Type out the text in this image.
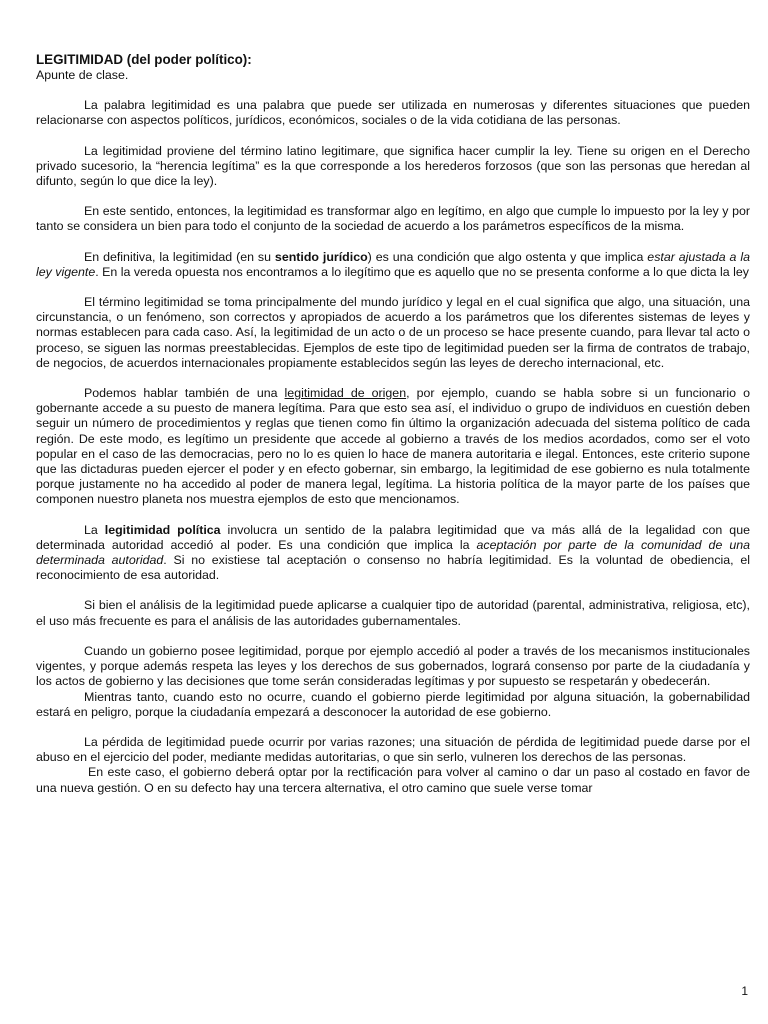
LEGITIMIDAD (del poder político):

Apunte de clase.

La palabra legitimidad es una palabra que puede ser utilizada en numerosas y diferentes situaciones que pueden relacionarse con aspectos políticos, jurídicos, económicos, sociales o de la vida cotidiana de las personas.

La legitimidad proviene del término latino legitimare, que significa hacer cumplir la ley. Tiene su origen en el Derecho privado sucesorio, la “herencia legítima” es la que corresponde a los herederos forzosos (que son las personas que heredan al difunto, según lo que dice la ley).

En este sentido, entonces, la legitimidad es transformar algo en legítimo, en algo que cumple lo impuesto por la ley y por tanto se considera un bien para todo el conjunto de la sociedad de acuerdo a los parámetros específicos de la misma.

En definitiva, la legitimidad (en su sentido jurídico) es una condición que algo ostenta y que implica estar ajustada a la ley vigente. En la vereda opuesta nos encontramos a lo ilegítimo que es aquello que no se presenta conforme a lo que dicta la ley

El término legitimidad se toma principalmente del mundo jurídico y legal en el cual significa que algo, una situación, una circunstancia, o un fenómeno, son correctos y apropiados de acuerdo a los parámetros que los diferentes sistemas de leyes y normas establecen para cada caso. Así, la legitimidad de un acto o de un proceso se hace presente cuando, para llevar tal acto o proceso, se siguen las normas preestablecidas. Ejemplos de este tipo de legitimidad pueden ser la firma de contratos de trabajo, de negocios, de acuerdos internacionales propiamente establecidos según las leyes de derecho internacional, etc.

Podemos hablar también de una legitimidad de origen, por ejemplo, cuando se habla sobre si un funcionario o gobernante accede a su puesto de manera legítima. Para que esto sea así, el individuo o grupo de individuos en cuestión deben seguir un número de procedimientos y reglas que tienen como fin último la organización adecuada del sistema político de cada región. De este modo, es legítimo un presidente que accede al gobierno a través de los medios acordados, como ser el voto popular en el caso de las democracias, pero no lo es quien lo hace de manera autoritaria e ilegal. Entonces, este criterio supone que las dictaduras pueden ejercer el poder y en efecto gobernar, sin embargo, la legitimidad de ese gobierno es nula totalmente porque justamente no ha accedido al poder de manera legal, legítima. La historia política de la mayor parte de los países que componen nuestro planeta nos muestra ejemplos de esto que mencionamos.

La legitimidad política involucra un sentido de la palabra legitimidad que va más allá de la legalidad con que determinada autoridad accedió al poder. Es una condición que implica la aceptación por parte de la comunidad de una determinada autoridad. Si no existiese tal aceptación o consenso no habría legitimidad. Es la voluntad de obediencia, el reconocimiento de esa autoridad.

Si bien el análisis de la legitimidad puede aplicarse a cualquier tipo de autoridad (parental, administrativa, religiosa, etc), el uso más frecuente es para el análisis de las autoridades gubernamentales.

Cuando un gobierno posee legitimidad, porque por ejemplo accedió al poder a través de los mecanismos institucionales vigentes, y porque además respeta las leyes y los derechos de sus gobernados, logrará consenso por parte de la ciudadanía y los actos de gobierno y las decisiones que tome serán consideradas legítimas y por supuesto se respetarán y obedecerán.

Mientras tanto, cuando esto no ocurre, cuando el gobierno pierde legitimidad por alguna situación, la gobernabilidad estará en peligro, porque la ciudadanía empezará a desconocer la autoridad de ese gobierno.

La pérdida de legitimidad puede ocurrir por varias razones; una situación de pérdida de legitimidad puede darse por el abuso en el ejercicio del poder, mediante medidas autoritarias, o que sin serlo, vulneren los derechos de las personas.

En este caso, el gobierno deberá optar por la rectificación para volver al camino o dar un paso al costado en favor de una nueva gestión. O en su defecto hay una tercera alternativa, el otro camino que suele verse tomar

1
